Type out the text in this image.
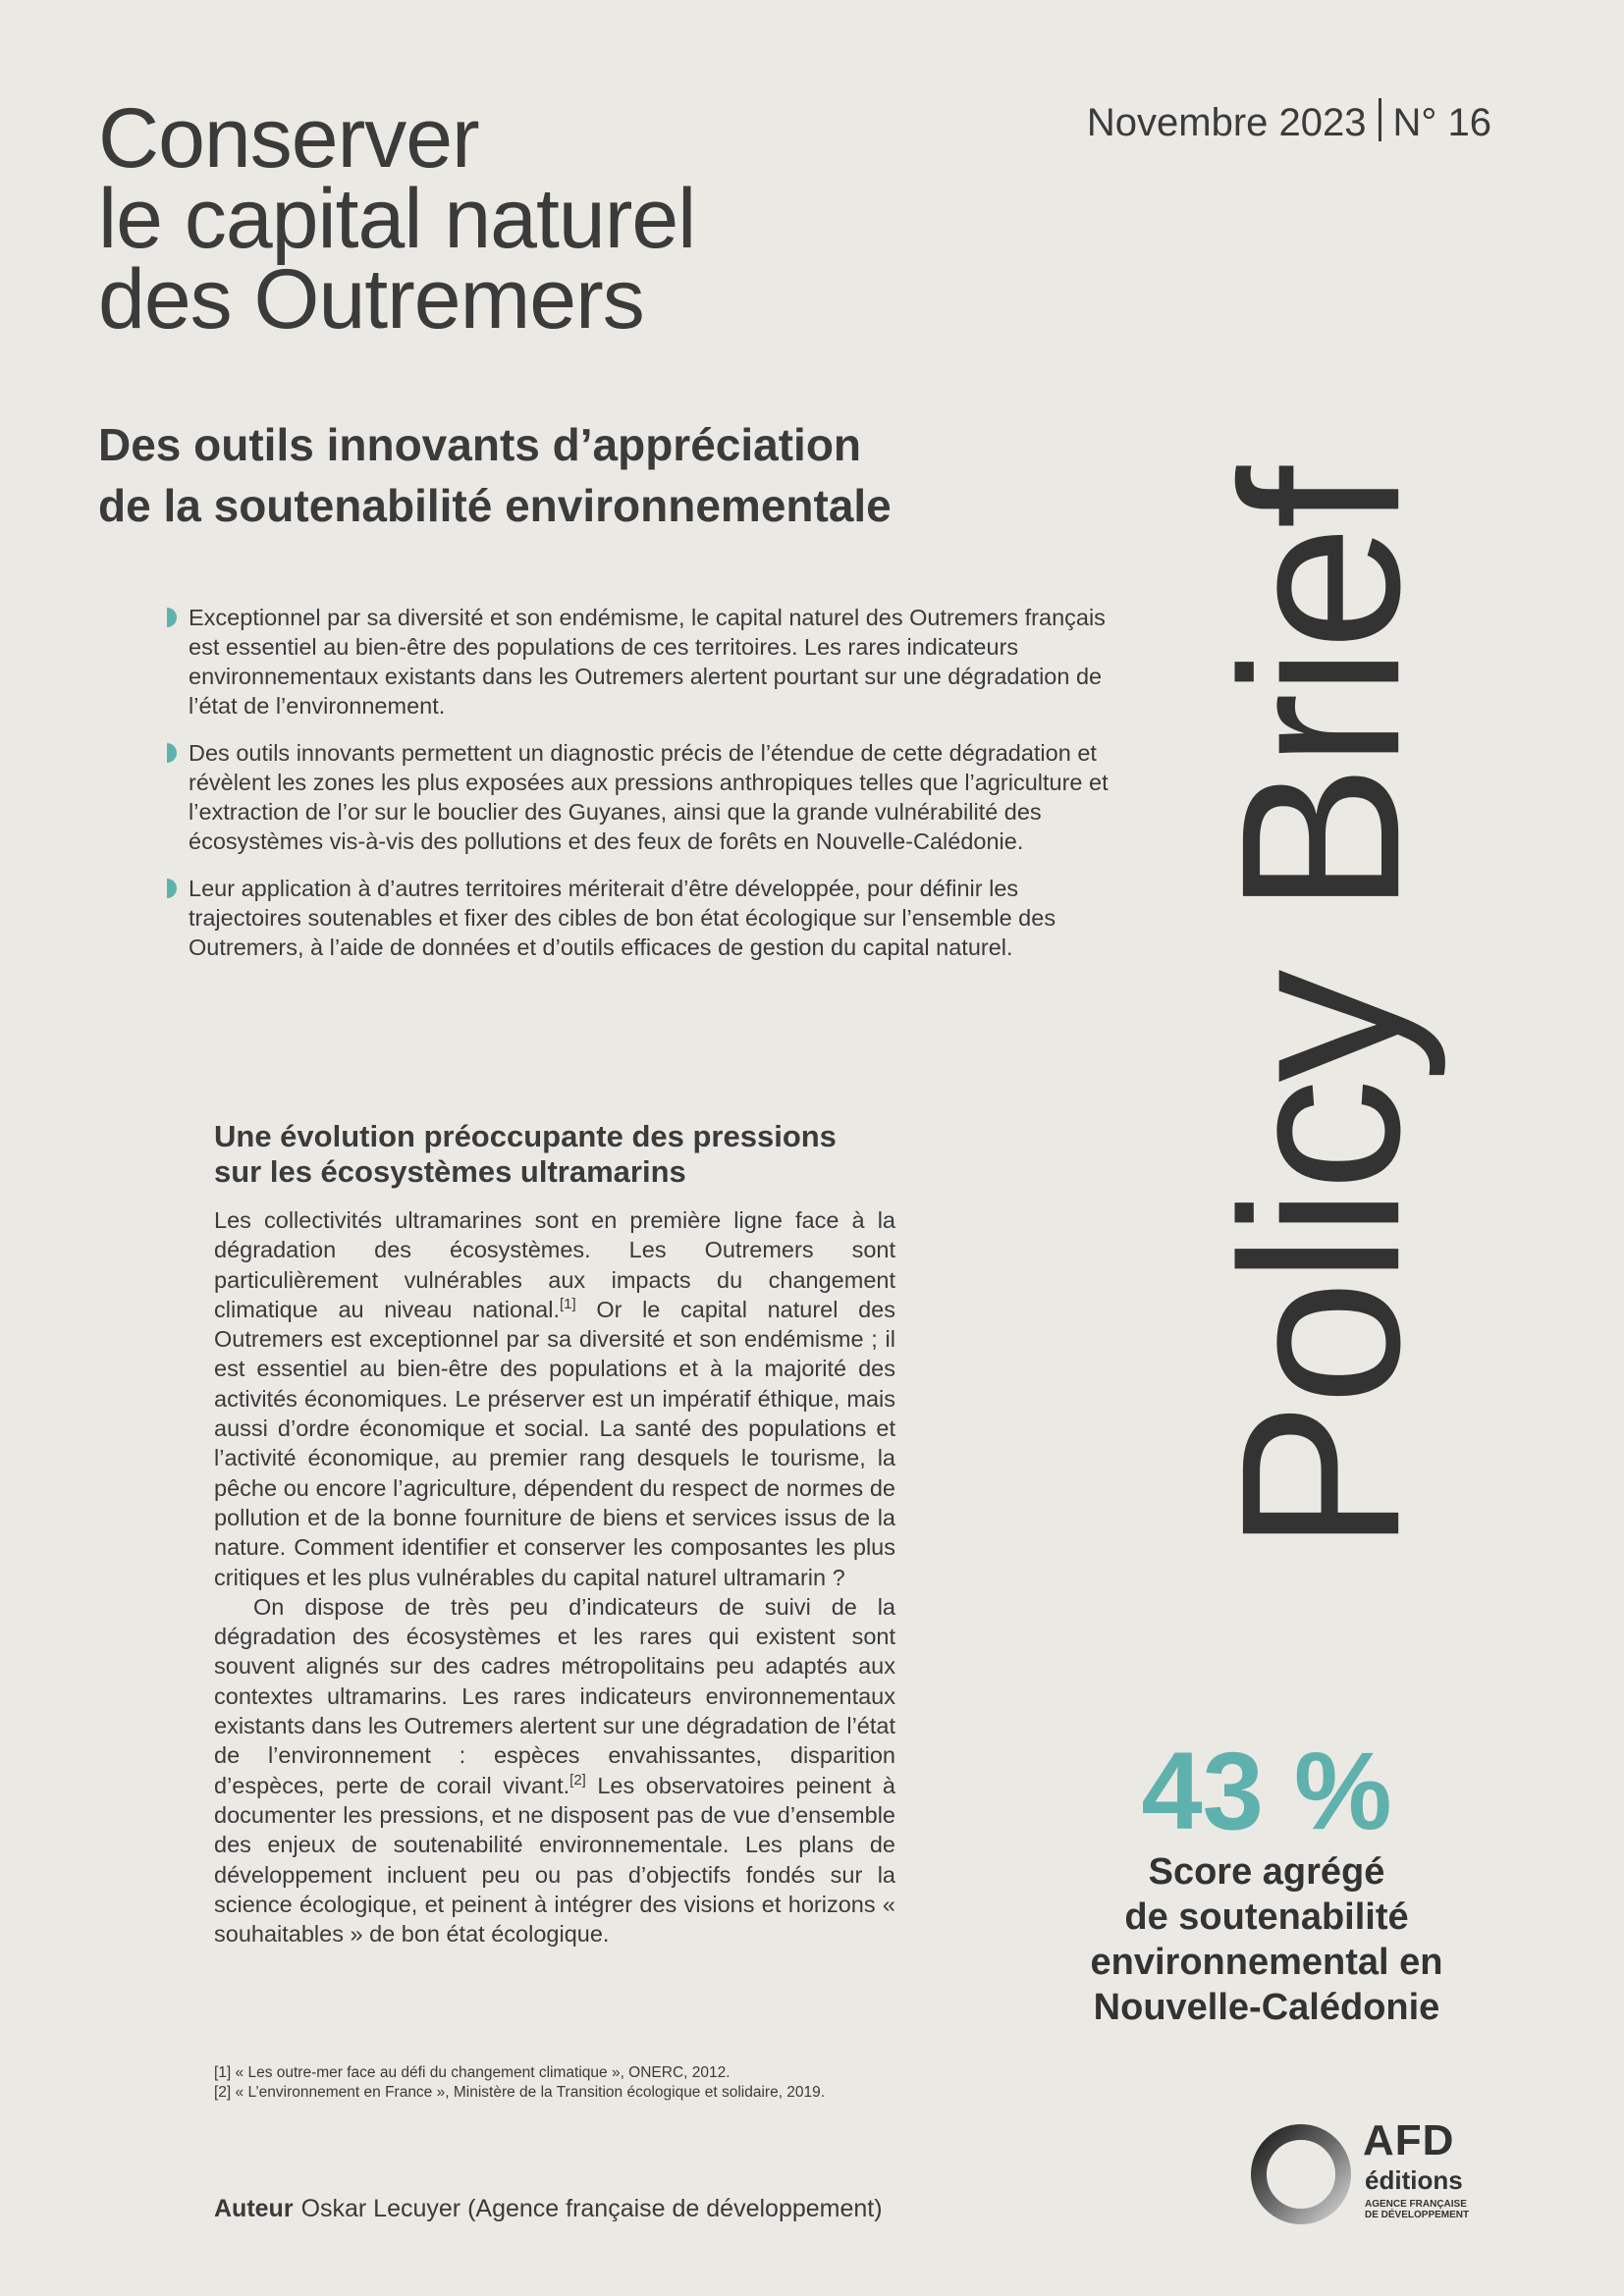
Conserver
le capital naturel
des Outremers

Novembre 2023 N° 16

Des outils innovants d’appréciation
de la soutenabilité environnementale
Exceptionnel par sa diversité et son endémisme, le capital naturel des Outremers français est essentiel au bien-être des populations de ces territoires. Les rares indicateurs environnementaux existants dans les Outremers alertent pourtant sur une dégradation de l’état de l’environnement.
Des outils innovants permettent un diagnostic précis de l’étendue de cette dégradation et révèlent les zones les plus exposées aux pressions anthropiques telles que l’agriculture et l’extraction de l’or sur le bouclier des Guyanes, ainsi que la grande vulnérabilité des écosystèmes vis-à-vis des pollutions et des feux de forêts en Nouvelle-Calédonie.
Leur application à d’autres territoires mériterait d’être développée, pour définir les trajectoires soutenables et fixer des cibles de bon état écologique sur l’ensemble des Outremers, à l’aide de données et d’outils efficaces de gestion du capital naturel.
Une évolution préoccupante des pressions
sur les écosystèmes ultramarins

Les collectivités ultramarines sont en première ligne face à la dégradation des écosystèmes. Les Outremers sont particulièrement vulnérables aux impacts du changement climatique au niveau national.[1] Or le capital naturel des Outremers est exceptionnel par sa diversité et son endémisme ; il est essentiel au bien-être des populations et à la majorité des activités économiques. Le préserver est un impératif éthique, mais aussi d’ordre économique et social. La santé des populations et l’activité économique, au premier rang desquels le tourisme, la pêche ou encore l’agriculture, dépendent du respect de normes de pollution et de la bonne fourniture de biens et services issus de la nature. Comment identifier et conserver les composantes les plus critiques et les plus vulnérables du capital naturel ultramarin ?

On dispose de très peu d’indicateurs de suivi de la dégradation des écosystèmes et les rares qui existent sont souvent alignés sur des cadres métropolitains peu adaptés aux contextes ultramarins. Les rares indicateurs environnementaux existants dans les Outremers alertent sur une dégradation de l’état de l’environnement : espèces envahissantes, disparition d’espèces, perte de corail vivant.[2] Les observatoires peinent à documenter les pressions, et ne disposent pas de vue d’ensemble des enjeux de soutenabilité environnementale. Les plans de développement incluent peu ou pas d’objectifs fondés sur la science écologique, et peinent à intégrer des visions et horizons « souhaitables » de bon état écologique.

[1] « Les outre-mer face au défi du changement climatique », ONERC, 2012.
[2] « L’environnement en France », Ministère de la Transition écologique et solidaire, 2019.
Auteur Oskar Lecuyer (Agence française de développement)
Policy Brief
43 %
Score agrégé
de soutenabilité
environnemental en
Nouvelle-Calédonie
AFD
éditions
AGENCE FRANÇAISE
DE DÉVELOPPEMENT
